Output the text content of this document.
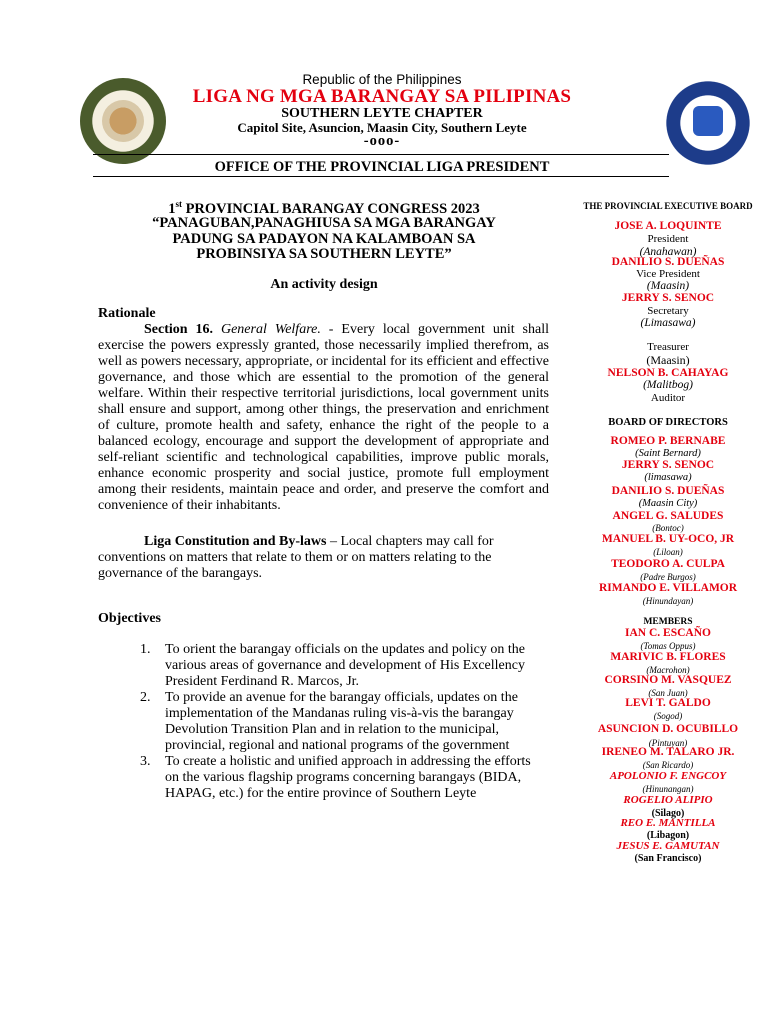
Republic of the Philippines
LIGA NG MGA BARANGAY SA PILIPINAS
SOUTHERN LEYTE CHAPTER
Capitol Site, Asuncion, Maasin City, Southern Leyte
-ooo-
OFFICE OF THE PROVINCIAL LIGA PRESIDENT
1st PROVINCIAL BARANGAY CONGRESS 2023
“PANAGUBAN,PANAGHIUSA SA MGA BARANGAY
PADUNG SA PADAYON NA KALAMBOAN SA
PROBINSIYA SA SOUTHERN LEYTE”
An activity design
Rationale
Section 16. General Welfare. - Every local government unit shall exercise the powers expressly granted, those necessarily implied therefrom, as well as powers necessary, appropriate, or incidental for its efficient and effective governance, and those which are essential to the promotion of the general welfare. Within their respective territorial jurisdictions, local government units shall ensure and support, among other things, the preservation and enrichment of culture, promote health and safety, enhance the right of the people to a balanced ecology, encourage and support the development of appropriate and self-reliant scientific and technological capabilities, improve public morals, enhance economic prosperity and social justice, promote full employment among their residents, maintain peace and order, and preserve the comfort and convenience of their inhabitants.
Liga Constitution and By-laws – Local chapters may call for conventions on matters that relate to them or on matters relating to the governance of the barangays.
Objectives
1. To orient the barangay officials on the updates and policy on the various areas of governance and development of His Excellency President Ferdinand R. Marcos, Jr.
2. To provide an avenue for the barangay officials, updates on the implementation of the Mandanas ruling vis-à-vis the barangay Devolution Transition Plan and in relation to the municipal, provincial, regional and national programs of the government
3. To create a holistic and unified approach in addressing the efforts on the various flagship programs concerning barangays (BIDA, HAPAG, etc.) for the entire province of Southern Leyte
THE PROVINCIAL EXECUTIVE BOARD
JOSE A. LOQUINTE
President
(Anahawan)
DANILIO S. DUEÑAS
Vice President
(Maasin)
JERRY S. SENOC
Secretary
(Limasawa)
Treasurer
(Maasin)
NELSON B. CAHAYAG
(Malitbog)
Auditor
BOARD OF DIRECTORS
ROMEO P. BERNABE
(Saint Bernard)
JERRY S. SENOC
(limasawa)
DANILIO S. DUEÑAS
(Maasin City)
ANGEL G. SALUDES
(Bontoc)
MANUEL B. UY-OCO, JR
(Liloan)
TEODORO A. CULPA
(Padre Burgos)
RIMANDO E. VILLAMOR
(Hinundayan)
MEMBERS
IAN C. ESCAÑO
(Tomas Oppus)
MARIVIC B. FLORES
(Macrohon)
CORSINO M. VASQUEZ
(San Juan)
LEVI T. GALDO
(Sogod)
ASUNCION D. OCUBILLO
(Pintuyan)
IRENEO M. TALARO JR.
(San Ricardo)
APOLONIO F. ENGCOY
(Hinunangan)
ROGELIO ALIPIO
(Silago)
REO E. MANTILLA
(Libagon)
JESUS E. GAMUTAN
(San Francisco)
